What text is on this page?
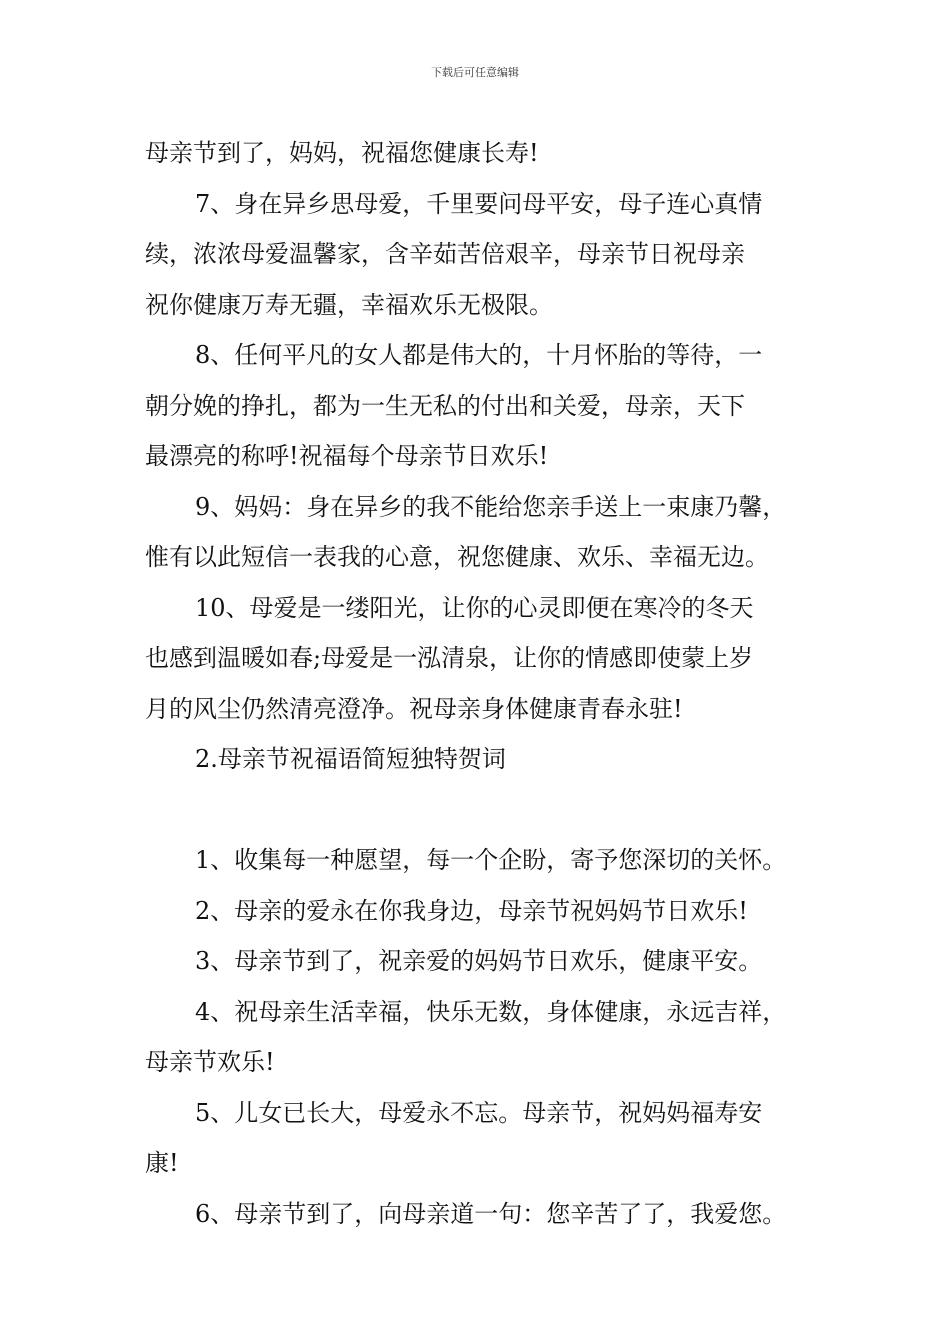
下载后可任意编辑
母亲节到了，妈妈，祝福您健康长寿!
7、身在异乡思母爱，千里要问母平安，母子连心真情
续，浓浓母爱温馨家，含辛茹苦倍艰辛，母亲节日祝母亲
祝你健康万寿无疆，幸福欢乐无极限。
8、任何平凡的女人都是伟大的，十月怀胎的等待，一
朝分娩的挣扎，都为一生无私的付出和关爱，母亲，天下
最漂亮的称呼!祝福每个母亲节日欢乐!
9、妈妈：身在异乡的我不能给您亲手送上一束康乃馨，
惟有以此短信一表我的心意，祝您健康、欢乐、幸福无边。
10、母爱是一缕阳光，让你的心灵即便在寒冷的冬天
也感到温暖如春;母爱是一泓清泉，让你的情感即使蒙上岁
月的风尘仍然清亮澄净。祝母亲身体健康青春永驻!
2.母亲节祝福语简短独特贺词
1、收集每一种愿望，每一个企盼，寄予您深切的关怀。
2、母亲的爱永在你我身边，母亲节祝妈妈节日欢乐!
3、母亲节到了，祝亲爱的妈妈节日欢乐，健康平安。
4、祝母亲生活幸福，快乐无数，身体健康，永远吉祥，
母亲节欢乐!
5、儿女已长大，母爱永不忘。母亲节，祝妈妈福寿安
康!
6、母亲节到了，向母亲道一句：您辛苦了了，我爱您。
